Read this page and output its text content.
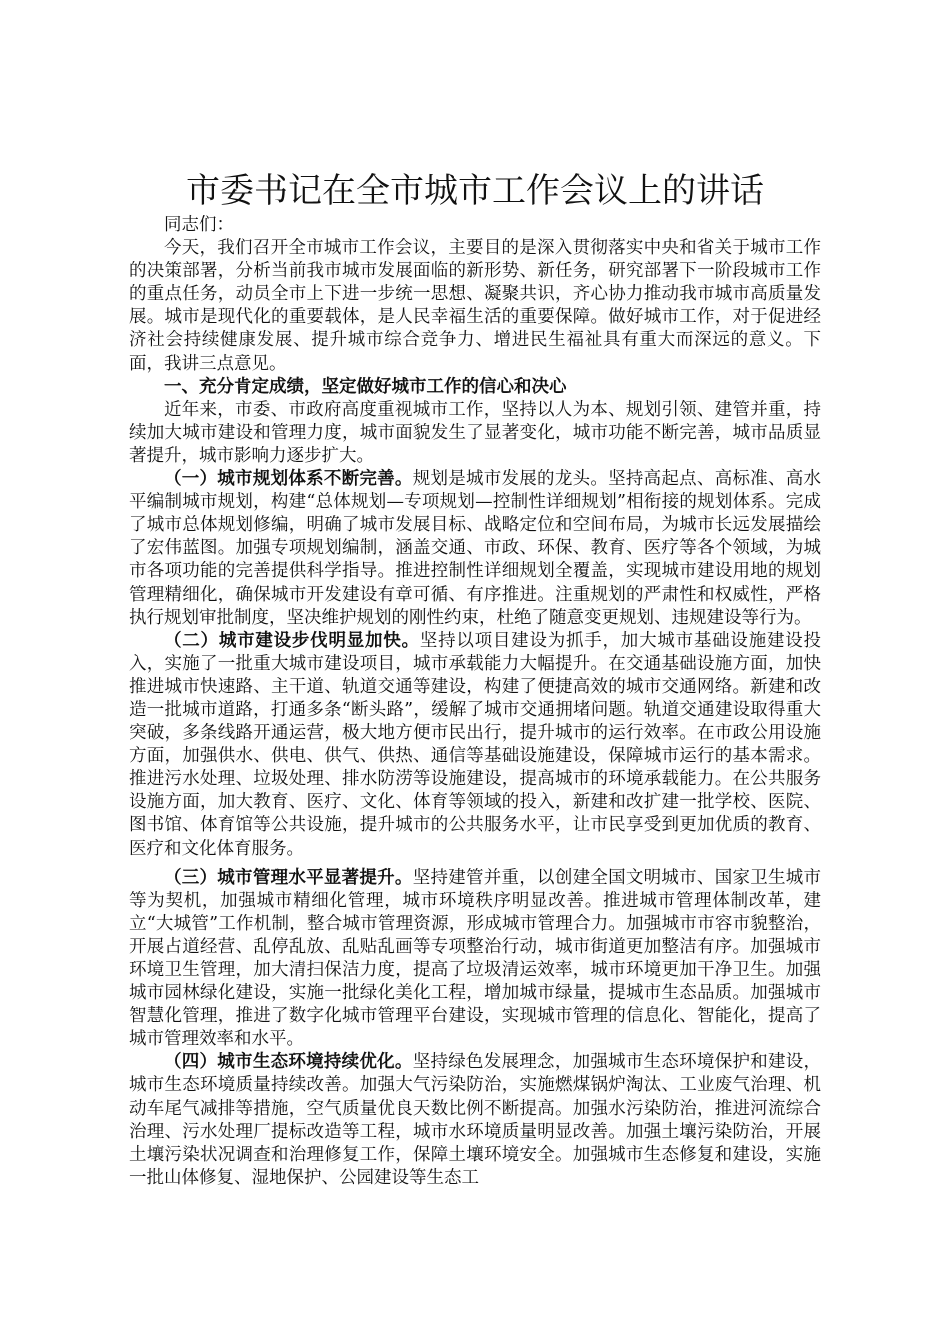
市委书记在全市城市工作会议上的讲话

同志们：

今天，我们召开全市城市工作会议，主要目的是深入贯彻落实中央和省关于城市工作的决策部署，分析当前我市城市发展面临的新形势、新任务，研究部署下一阶段城市工作的重点任务，动员全市上下进一步统一思想、凝聚共识，齐心协力推动我市城市高质量发展。城市是现代化的重要载体，是人民幸福生活的重要保障。做好城市工作，对于促进经济社会持续健康发展、提升城市综合竞争力、增进民生福祉具有重大而深远的意义。下面，我讲三点意见。

一、充分肯定成绩，坚定做好城市工作的信心和决心

近年来，市委、市政府高度重视城市工作，坚持以人为本、规划引领、建管并重，持续加大城市建设和管理力度，城市面貌发生了显著变化，城市功能不断完善，城市品质显著提升，城市影响力逐步扩大。

（一）城市规划体系不断完善。规划是城市发展的龙头。坚持高起点、高标准、高水平编制城市规划，构建“总体规划—专项规划—控制性详细规划”相衔接的规划体系。完成了城市总体规划修编，明确了城市发展目标、战略定位和空间布局，为城市长远发展描绘了宏伟蓝图。加强专项规划编制，涵盖交通、市政、环保、教育、医疗等各个领域，为城市各项功能的完善提供科学指导。推进控制性详细规划全覆盖，实现城市建设用地的规划管理精细化，确保城市开发建设有章可循、有序推进。注重规划的严肃性和权威性，严格执行规划审批制度，坚决维护规划的刚性约束，杜绝了随意变更规划、违规建设等行为。

（二）城市建设步伐明显加快。坚持以项目建设为抓手，加大城市基础设施建设投入，实施了一批重大城市建设项目，城市承载能力大幅提升。在交通基础设施方面，加快推进城市快速路、主干道、轨道交通等建设，构建了便捷高效的城市交通网络。新建和改造一批城市道路，打通多条“断头路”，缓解了城市交通拥堵问题。轨道交通建设取得重大突破，多条线路开通运营，极大地方便市民出行，提升城市的运行效率。在市政公用设施方面，加强供水、供电、供气、供热、通信等基础设施建设，保障城市运行的基本需求。推进污水处理、垃圾处理、排水防涝等设施建设，提高城市的环境承载能力。在公共服务设施方面，加大教育、医疗、文化、体育等领域的投入，新建和改扩建一批学校、医院、图书馆、体育馆等公共设施，提升城市的公共服务水平，让市民享受到更加优质的教育、医疗和文化体育服务。

（三）城市管理水平显著提升。坚持建管并重，以创建全国文明城市、国家卫生城市等为契机，加强城市精细化管理，城市环境秩序明显改善。推进城市管理体制改革，建立“大城管”工作机制，整合城市管理资源，形成城市管理合力。加强城市市容市貌整治，开展占道经营、乱停乱放、乱贴乱画等专项整治行动，城市街道更加整洁有序。加强城市环境卫生管理，加大清扫保洁力度，提高了垃圾清运效率，城市环境更加干净卫生。加强城市园林绿化建设，实施一批绿化美化工程，增加城市绿量，提城市生态品质。加强城市智慧化管理，推进了数字化城市管理平台建设，实现城市管理的信息化、智能化，提高了城市管理效率和水平。

（四）城市生态环境持续优化。坚持绿色发展理念，加强城市生态环境保护和建设，城市生态环境质量持续改善。加强大气污染防治，实施燃煤锅炉淘汰、工业废气治理、机动车尾气减排等措施，空气质量优良天数比例不断提高。加强水污染防治，推进河流综合治理、污水处理厂提标改造等工程，城市水环境质量明显改善。加强土壤污染防治，开展土壤污染状况调查和治理修复工作，保障土壤环境安全。加强城市生态修复和建设，实施一批山体修复、湿地保护、公园建设等生态工
